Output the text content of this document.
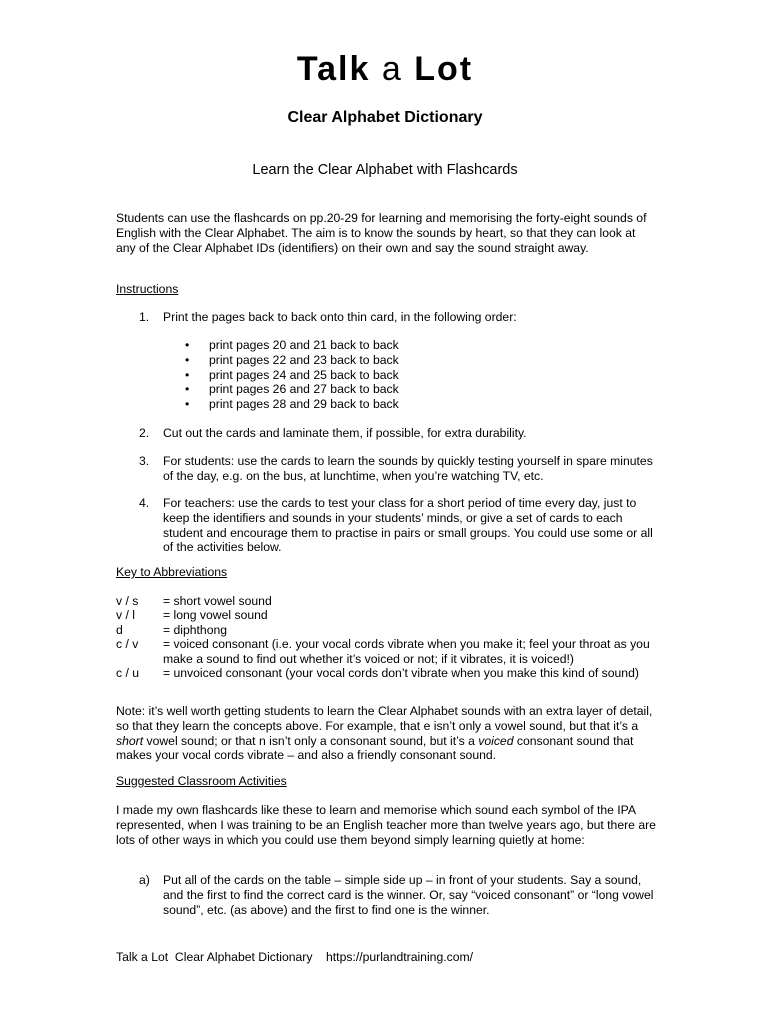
Talk a Lot
Clear Alphabet Dictionary
Learn the Clear Alphabet with Flashcards
Students can use the flashcards on pp.20-29 for learning and memorising the forty-eight sounds of English with the Clear Alphabet. The aim is to know the sounds by heart, so that they can look at any of the Clear Alphabet IDs (identifiers) on their own and say the sound straight away.
Instructions
1. Print the pages back to back onto thin card, in the following order:
• print pages 20 and 21 back to back
• print pages 22 and 23 back to back
• print pages 24 and 25 back to back
• print pages 26 and 27 back to back
• print pages 28 and 29 back to back
2. Cut out the cards and laminate them, if possible, for extra durability.
3. For students: use the cards to learn the sounds by quickly testing yourself in spare minutes of the day, e.g. on the bus, at lunchtime, when you’re watching TV, etc.
4. For teachers: use the cards to test your class for a short period of time every day, just to keep the identifiers and sounds in your students’ minds, or give a set of cards to each student and encourage them to practise in pairs or small groups. You could use some or all of the activities below.
Key to Abbreviations
v / s = short vowel sound
v / l = long vowel sound
d	= diphthong
c / v = voiced consonant (i.e. your vocal cords vibrate when you make it; feel your throat as you make a sound to find out whether it’s voiced or not; if it vibrates, it is voiced!)
c / u = unvoiced consonant (your vocal cords don’t vibrate when you make this kind of sound)
Note: it’s well worth getting students to learn the Clear Alphabet sounds with an extra layer of detail, so that they learn the concepts above. For example, that e isn’t only a vowel sound, but that it’s a short vowel sound; or that n isn’t only a consonant sound, but it’s a voiced consonant sound that makes your vocal cords vibrate – and also a friendly consonant sound.
Suggested Classroom Activities
I made my own flashcards like these to learn and memorise which sound each symbol of the IPA represented, when I was training to be an English teacher more than twelve years ago, but there are lots of other ways in which you could use them beyond simply learning quietly at home:
a) Put all of the cards on the table – simple side up – in front of your students. Say a sound, and the first to find the correct card is the winner. Or, say “voiced consonant” or “long vowel sound”, etc. (as above) and the first to find one is the winner.
Talk a Lot  Clear Alphabet Dictionary https://purlandtraining.com/
